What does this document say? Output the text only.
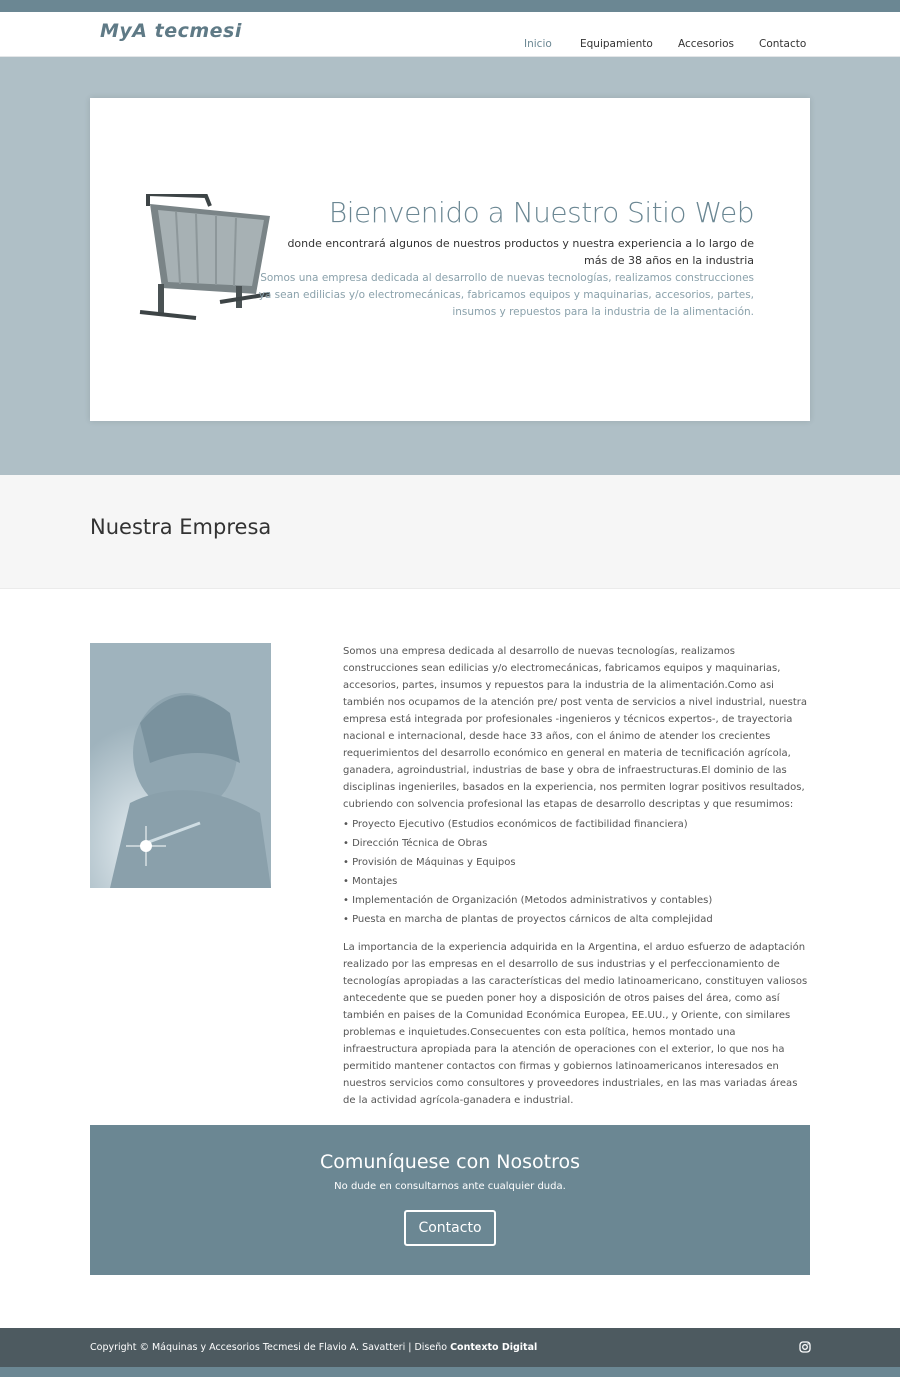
MyA tecmesi
Inicio	Equipamiento Accesorios Contacto
Bienvenido a Nuestro Sitio Web

donde encontrará algunos de nuestros productos y nuestra experiencia a lo largo de más de 38 años en la industria

Somos una empresa dedicada al desarrollo de nuevas tecnologías, realizamos construcciones ya sean edilicias y/o electromecánicas, fabricamos equipos y maquinarias, accesorios, partes, insumos y repuestos para la industria de la alimentación.

Nuestra Empresa

Somos una empresa dedicada al desarrollo de nuevas tecnologías, realizamos construcciones sean edilicias y/o electromecánicas, fabricamos equipos y maquinarias, accesorios, partes, insumos y repuestos para la industria de la alimentación.Como asi también nos ocupamos de la atención pre/ post venta de servicios a nivel industrial, nuestra empresa está integrada por profesionales -ingenieros y técnicos expertos-, de trayectoria nacional e internacional, desde hace 33 años, con el ánimo de atender los crecientes requerimientos del desarrollo económico en general en materia de tecnificación agrícola, ganadera, agroindustrial, industrias de base y obra de infraestructuras.El dominio de las disciplinas ingenieriles, basados en la experiencia, nos permiten lograr positivos resultados, cubriendo con solvencia profesional las etapas de desarrollo descriptas y que resumimos:

• Proyecto Ejecutivo (Estudios económicos de factibilidad financiera)
• Dirección Técnica de Obras
• Provisión de Máquinas y Equipos
• Montajes
• Implementación de Organización (Metodos administrativos y contables)
• Puesta en marcha de plantas de proyectos cárnicos de alta complejidad

La importancia de la experiencia adquirida en la Argentina, el arduo esfuerzo de adaptación realizado por las empresas en el desarrollo de sus industrias y el perfeccionamiento de tecnologías apropiadas a las características del medio latinoamericano, constituyen valiosos antecedente que se pueden poner hoy a disposición de otros paises del área, como así también en paises de la Comunidad Económica Europea, EE.UU., y Oriente, con similares problemas e inquietudes.Consecuentes con esta política, hemos montado una infraestructura apropiada para la atención de operaciones con el exterior, lo que nos ha permitido mantener contactos con firmas y gobiernos latinoamericanos interesados en nuestros servicios como consultores y proveedores industriales, en las mas variadas áreas de la actividad agrícola-ganadera e industrial.

Comuníquese con Nosotros

No dude en consultarnos ante cualquier duda.

Contacto
Copyright © Máquinas y Accesorios Tecmesi de Flavio A. Savatteri | Diseño Contexto Digital
